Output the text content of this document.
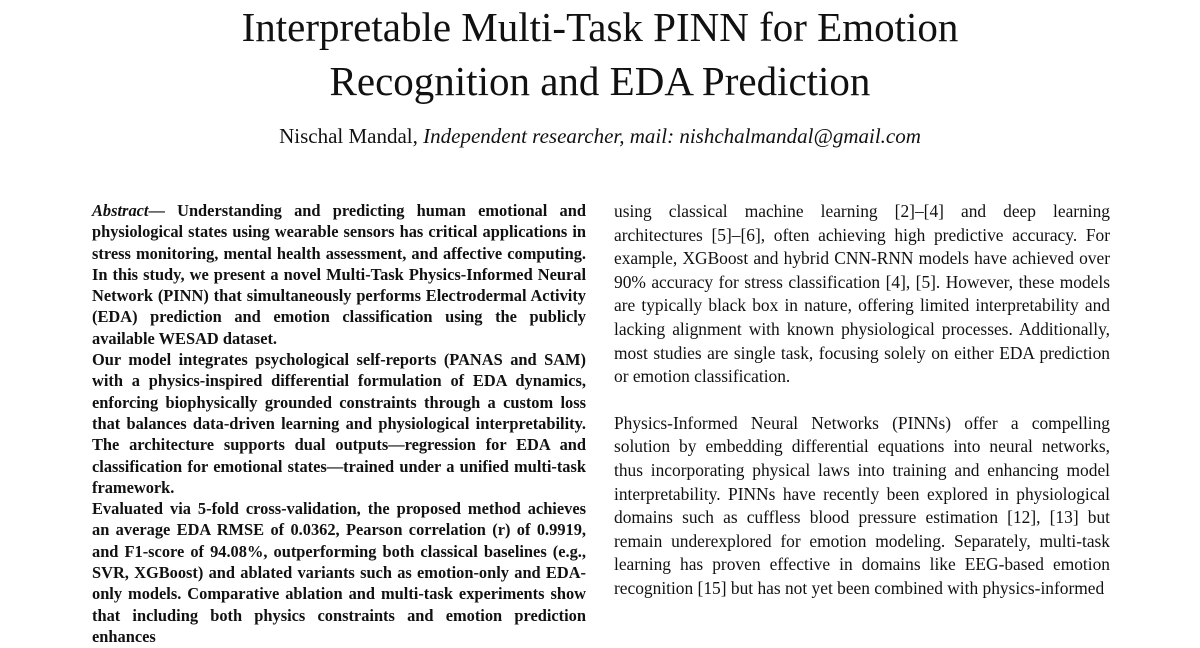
Interpretable Multi-Task PINN for Emotion
Recognition and EDA Prediction
Nischal Mandal, Independent researcher, mail: nishchalmandal@gmail.com

Abstract— Understanding and predicting human emotional and physiological states using wearable sensors has critical applications in stress monitoring, mental health assessment, and affective computing. In this study, we present a novel Multi-Task Physics-Informed Neural Network (PINN) that simultaneously performs Electrodermal Activity (EDA) prediction and emotion classification using the publicly available WESAD dataset.

Our model integrates psychological self-reports (PANAS and SAM) with a physics-inspired differential formulation of EDA dynamics, enforcing biophysically grounded constraints through a custom loss that balances data-driven learning and physiological interpretability. The architecture supports dual outputs—regression for EDA and classification for emotional states—trained under a unified multi-task framework.

Evaluated via 5-fold cross-validation, the proposed method achieves an average EDA RMSE of 0.0362, Pearson correlation (r) of 0.9919, and F1-score of 94.08%, outperforming both classical baselines (e.g., SVR, XGBoost) and ablated variants such as emotion-only and EDA-only models. Comparative ablation and multi-task experiments show that including both physics constraints and emotion prediction enhances

using classical machine learning [2]–[4] and deep learning architectures [5]–[6], often achieving high predictive accuracy. For example, XGBoost and hybrid CNN-RNN models have achieved over 90% accuracy for stress classification [4], [5]. However, these models are typically black box in nature, offering limited interpretability and lacking alignment with known physiological processes. Additionally, most studies are single task, focusing solely on either EDA prediction or emotion classification.

Physics-Informed Neural Networks (PINNs) offer a compelling solution by embedding differential equations into neural networks, thus incorporating physical laws into training and enhancing model interpretability. PINNs have recently been explored in physiological domains such as cuffless blood pressure estimation [12], [13] but remain underexplored for emotion modeling. Separately, multi-task learning has proven effective in domains like EEG-based emotion recognition [15] but has not yet been combined with physics-informed
